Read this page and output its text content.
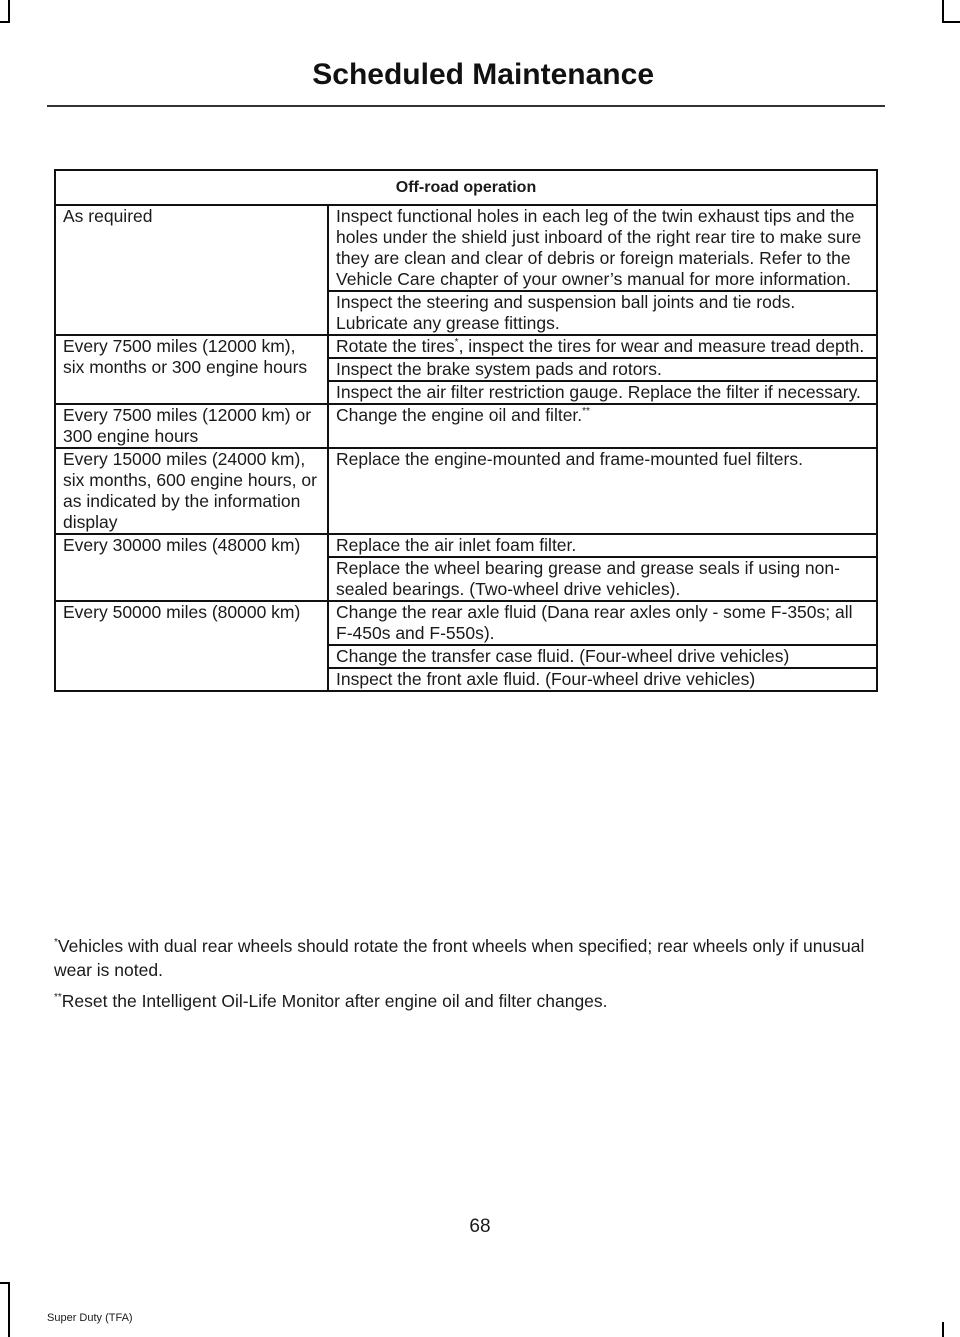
Scheduled Maintenance
Off-road operation	
As required	Inspect functional holes in each leg of the twin exhaust tips and the holes under the shield just inboard of the right rear tire to make sure they are clean and clear of debris or foreign materials. Refer to the Vehicle Care chapter of your owner’s manual for more information.
	Inspect the steering and suspension ball joints and tie rods. Lubricate any grease fittings.
Every 7500 miles (12000 km), six months or 300 engine hours	Rotate the tires*, inspect the tires for wear and measure tread depth.
	Inspect the brake system pads and rotors.
	Inspect the air filter restriction gauge. Replace the filter if necessary.
Every 7500 miles (12000 km) or 300 engine hours	Change the engine oil and filter.**
Every 15000 miles (24000 km), six months, 600 engine hours, or as indicated by the information display	Replace the engine-mounted and frame-mounted fuel filters.
Every 30000 miles (48000 km)	Replace the air inlet foam filter.
	Replace the wheel bearing grease and grease seals if using non-sealed bearings. (Two-wheel drive vehicles).
Every 50000 miles (80000 km)	Change the rear axle fluid (Dana rear axles only - some F-350s; all F-450s and F-550s).
	Change the transfer case fluid. (Four-wheel drive vehicles)
	Inspect the front axle fluid. (Four-wheel drive vehicles)
*Vehicles with dual rear wheels should rotate the front wheels when specified; rear wheels only if unusual wear is noted.
**Reset the Intelligent Oil-Life Monitor after engine oil and filter changes.
68
Super Duty (TFA)
